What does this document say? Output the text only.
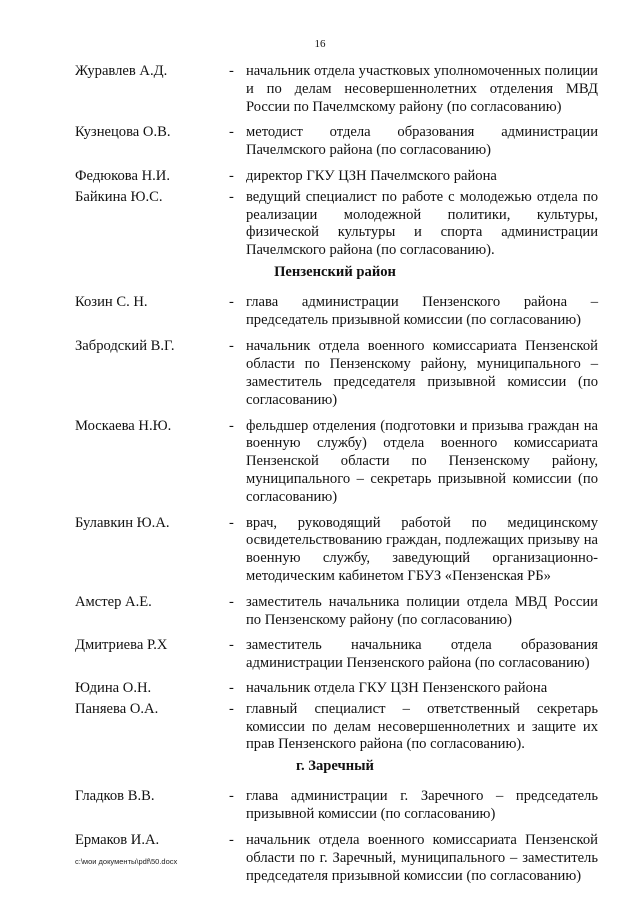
16
Журавлев А.Д.	- начальник отдела участковых уполномоченных полиции и по делам несовершеннолетних отделения МВД России по Пачелмскому району (по согласованию)
Кузнецова О.В.	- методист отдела образования администрации Пачелмского района (по согласованию)
Федюкова Н.И.	- директор ГКУ ЦЗН Пачелмского района
Байкина Ю.С.	- ведущий специалист по работе с молодежью отдела по реализации молодежной политики, культуры, физической культуры и спорта администрации Пачелмского района (по согласованию).
Пензенский район
Козин С. Н.	- глава администрации Пензенского района – председатель призывной комиссии (по согласованию)
Забродский В.Г.	- начальник отдела военного комиссариата Пензенской области по Пензенскому району, муниципального – заместитель председателя призывной комиссии (по согласованию)
Москаева Н.Ю.	- фельдшер отделения (подготовки и призыва граждан на военную службу) отдела военного комиссариата Пензенской области по Пензенскому району, муниципального – секретарь призывной комиссии (по согласованию)
Булавкин Ю.А.	- врач, руководящий работой по медицинскому освидетельствованию граждан, подлежащих призыву на военную службу, заведующий организационно-методическим кабинетом ГБУЗ «Пензенская РБ»
Амстер А.Е.	- заместитель начальника полиции отдела МВД России по Пензенскому району (по согласованию)
Дмитриева Р.Х	- заместитель начальника отдела образования администрации Пензенского района (по согласованию)
Юдина О.Н.	- начальник отдела ГКУ ЦЗН Пензенского района
Паняева О.А.	- главный специалист – ответственный секретарь комиссии по делам несовершеннолетних и защите их прав Пензенского района (по согласованию).
г. Заречный
Гладков В.В.	- глава администрации г. Заречного – председатель призывной комиссии (по согласованию)
Ермаков И.А.	- начальник отдела военного комиссариата Пензенской области по г. Заречный, муниципального – заместитель председателя призывной комиссии (по согласованию)
c:\мои документы\pdf\50.docx
